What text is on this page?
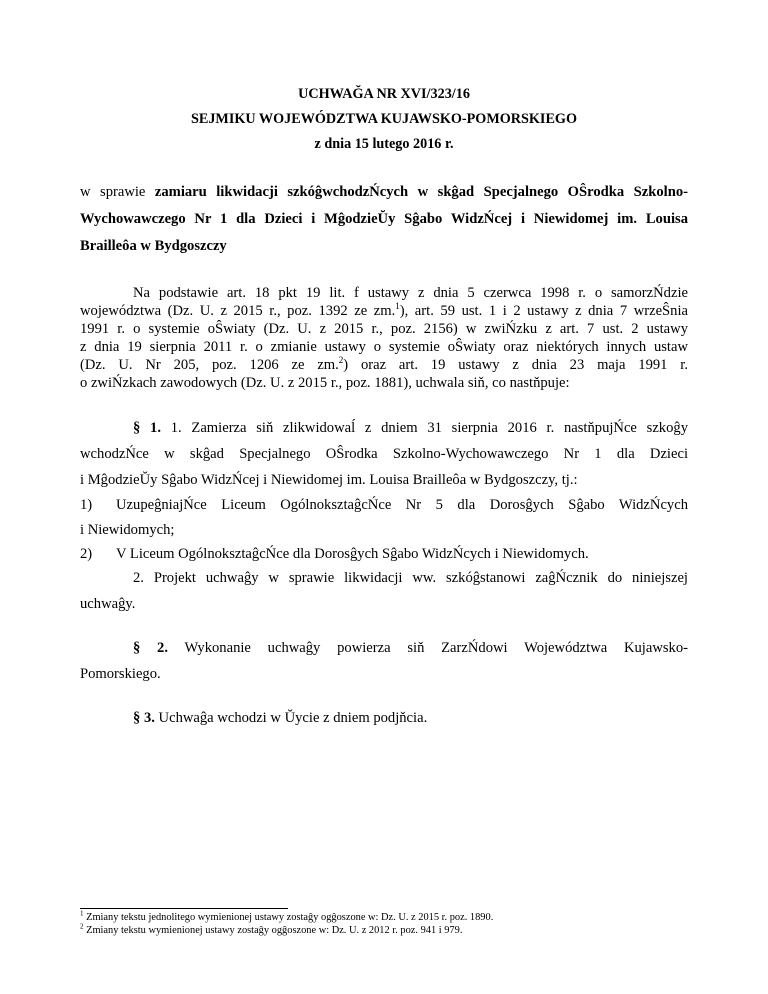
UCHWAĞA NR XVI/323/16
SEJMIKU WOJEWÓDZTWA KUJAWSKO-POMORSKIEGO
z dnia 15 lutego 2016 r.
w sprawie zamiaru likwidacji szkóĝwchodzŃcych w skĝad Specjalnego OŜrodka Szkolno-
Wychowawczego Nr 1 dla Dzieci i MĝodzieŬy Sĝabo WidzŃcej i Niewidomej im. Louisa
Brailleôa w Bydgoszczy
Na podstawie art. 18 pkt 19 lit. f ustawy z dnia 5 czerwca 1998 r. o samorzŃdzie
województwa (Dz. U. z 2015 r., poz. 1392 ze zm.$^1$), art. 59 ust. 1 i 2 ustawy z dnia 7 wrzeŜnia
1991 r. o systemie oŜwiaty (Dz. U. z 2015 r., poz. 2156) w zwiŃzku z art. 7 ust. 2 ustawy
z dnia 19 sierpnia 2011 r. o zmianie ustawy o systemie oŜwiaty oraz niektórych innych ustaw
(Dz. U. Nr 205, poz. 1206 ze zm.$^2$) oraz art. 19 ustawy z dnia 23 maja 1991 r.
o zwiŃzkach zawodowych (Dz. U. z 2015 r., poz. 1881), uchwala siň, co nastňpuje:
§ 1. 1. Zamierza siň zlikwidowaĺ z dniem 31 sierpnia 2016 r. nastňpujŃce szkoĝy
wchodzŃce w skĝad Specjalnego OŜrodka Szkolno-Wychowawczego Nr 1 dla Dzieci
i MĝodzieŬy Sĝabo WidzŃcej i Niewidomej im. Louisa Brailleôa w Bydgoszczy, tj.:
1) UzupeĝniajŃce Liceum OgólnoksztaĝcŃce Nr 5 dla Dorosĝych Sĝabo WidzŃcych
i Niewidomych;
2) V Liceum OgólnoksztaĝcŃce dla Dorosĝych Sĝabo WidzŃcych i Niewidomych.
2. Projekt uchwaĝy w sprawie likwidacji ww. szkóĝstanowi zaĝŃcznik do niniejszej
uchwaĝy.
§ 2. Wykonanie uchwaĝy powierza siň ZarzŃdowi Województwa Kujawsko-
Pomorskiego.
§ 3. Uchwaĝa wchodzi w Ŭycie z dniem podjňcia.
$^1$ Zmiany tekstu jednolitego wymienionej ustawy zostaĝy ogĝoszone w: Dz. U. z 2015 r. poz. 1890.
$^2$ Zmiany tekstu wymienionej ustawy zostaĝy ogĝoszone w: Dz. U. z 2012 r. poz. 941 i 979.
